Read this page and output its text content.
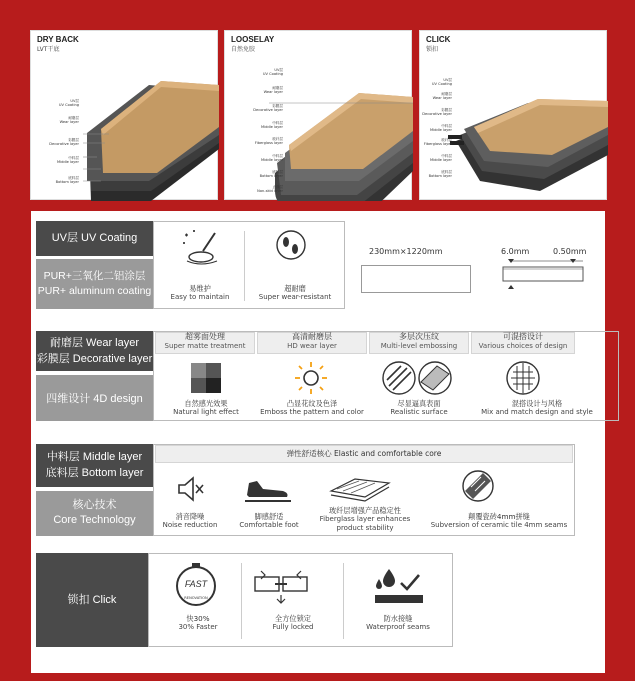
DRY BACK
LVT干底
UV层
UV Coating
耐磨层
Wear layer
彩膜层
Decorative layer
中料层
Middle layer
底料层
Bottom layer
LOOSELAY
自然免胶
UV层
UV Coating
耐磨层
Wear layer
彩膜层
Decorative layer
中料层
Middle layer
玻纤层
Fiberglass layer
中料层
Middle layer
底料层
Bottom layer
止滑层
Non-skid layer
CLICK
锁扣
UV层
UV Coating
耐磨层
Wear layer
彩膜层
Decorative layer
中料层
Middle layer
玻纤层
Fiberglass layer
中料层
Middle layer
底料层
Bottom layer
UV层 UV Coating
PUR+三氧化二铝涂层
PUR+ aluminum coating	易维护
Easy to maintain
超耐磨
Super wear-resistant
230mm×1220mm	6.0mm	0.50mm
耐磨层 Wear layer
彩膜层 Decorative layer
四维设计 4D design
超雾面处理
Super matte treatment
高清耐磨层
HD wear layer
多层次压纹
Multi-level embossing
可混搭设计
Various choices of design
自然感光效果
Natural light effect
凸显花纹及色泽
Emboss the pattern and color
尽显逼真表面
Realistic surface
混搭设计与风格
Mix and match design and style
中料层 Middle layer
底料层 Bottom layer
核心技术
Core Technology
弹性舒适核心 Elastic and comfortable core
消音降噪
Noise reduction
脚感舒适
Comfortable foot
玻纤层增强产品稳定性
Fiberglass layer enhances product stability
颠覆瓷砖4mm拼缝
Subversion of ceramic tile 4mm seams
锁扣 Click
FAST
RENOVATION
快30%
30% Faster
全方位锁定
Fully locked
防水接缝
Waterproof seams
